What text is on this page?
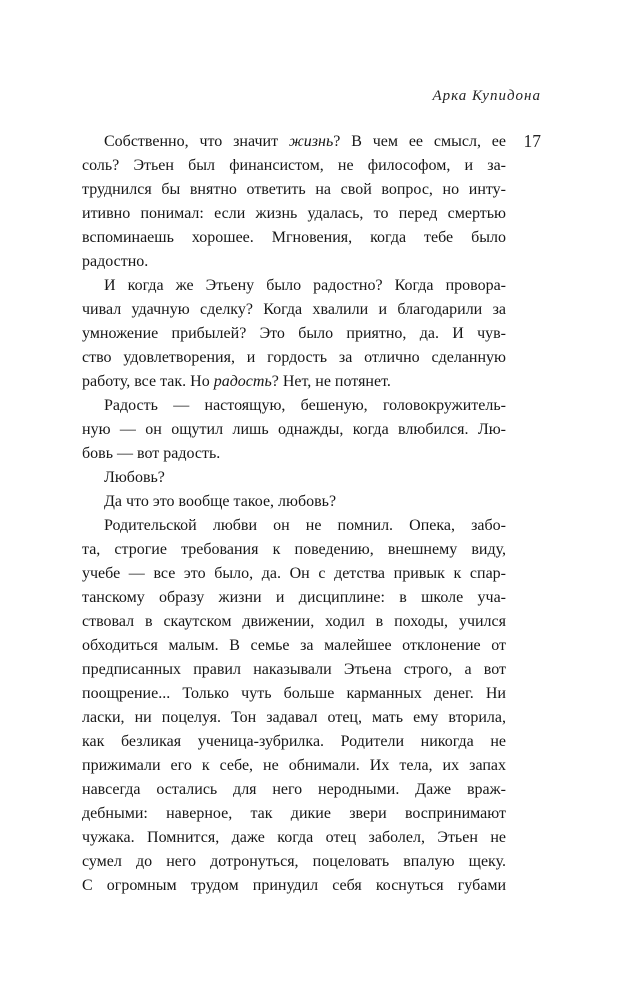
Арка Купидона
17

Собственно, что значит жизнь? В чем ее смысл, ее
соль? Этьен был финансистом, не философом, и за-
труднился бы внятно ответить на свой вопрос, но инту-
итивно понимал: если жизнь удалась, то перед смертью
вспоминаешь хорошее. Мгновения, когда тебе было
радостно.

И когда же Этьену было радостно? Когда провора-
чивал удачную сделку? Когда хвалили и благодарили за
умножение прибылей? Это было приятно, да. И чув-
ство удовлетворения, и гордость за отлично сделанную
работу, все так. Но радость? Нет, не потянет.

Радость — настоящую, бешеную, головокружитель-
ную — он ощутил лишь однажды, когда влюбился. Лю-
бовь — вот радость.

Любовь?

Да что это вообще такое, любовь?

Родительской любви он не помнил. Опека, забо-
та, строгие требования к поведению, внешнему виду,
учебе — все это было, да. Он с детства привык к спар-
танскому образу жизни и дисциплине: в школе уча-
ствовал в скаутском движении, ходил в походы, учился
обходиться малым. В семье за малейшее отклонение от
предписанных правил наказывали Этьена строго, а вот
поощрение... Только чуть больше карманных денег. Ни
ласки, ни поцелуя. Тон задавал отец, мать ему вторила,
как безликая ученица-зубрилка. Родители никогда не
прижимали его к себе, не обнимали. Их тела, их запах
навсегда остались для него неродными. Даже враж-
дебными: наверное, так дикие звери воспринимают
чужака. Помнится, даже когда отец заболел, Этьен не
сумел до него дотронуться, поцеловать впалую щеку.
С огромным трудом принудил себя коснуться губами
